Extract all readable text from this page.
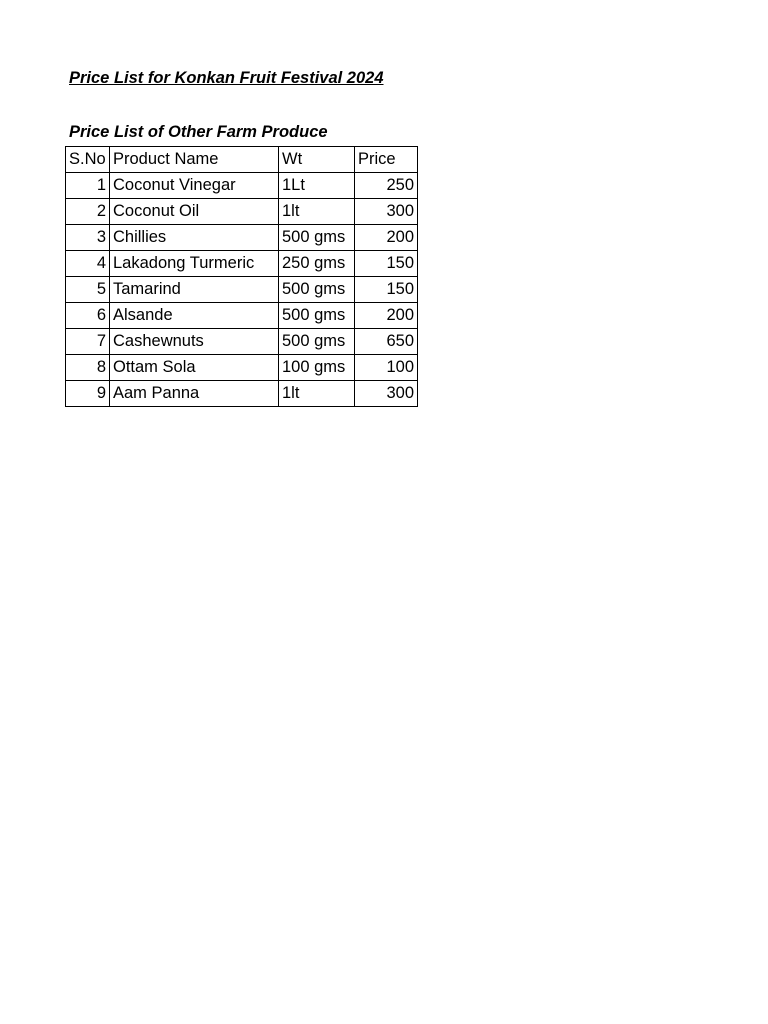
Price List for Konkan Fruit Festival 2024
Price List of Other Farm Produce
S.No	Product Name	Wt	Price
1	Coconut Vinegar	1Lt	250
2	Coconut Oil	1lt	300
3	Chillies	500 gms	200
4	Lakadong Turmeric	250 gms	150
5	Tamarind	500 gms	150
6	Alsande	500 gms	200
7	Cashewnuts	500 gms	650
8	Ottam Sola	100 gms	100
9	Aam Panna	1lt	300
